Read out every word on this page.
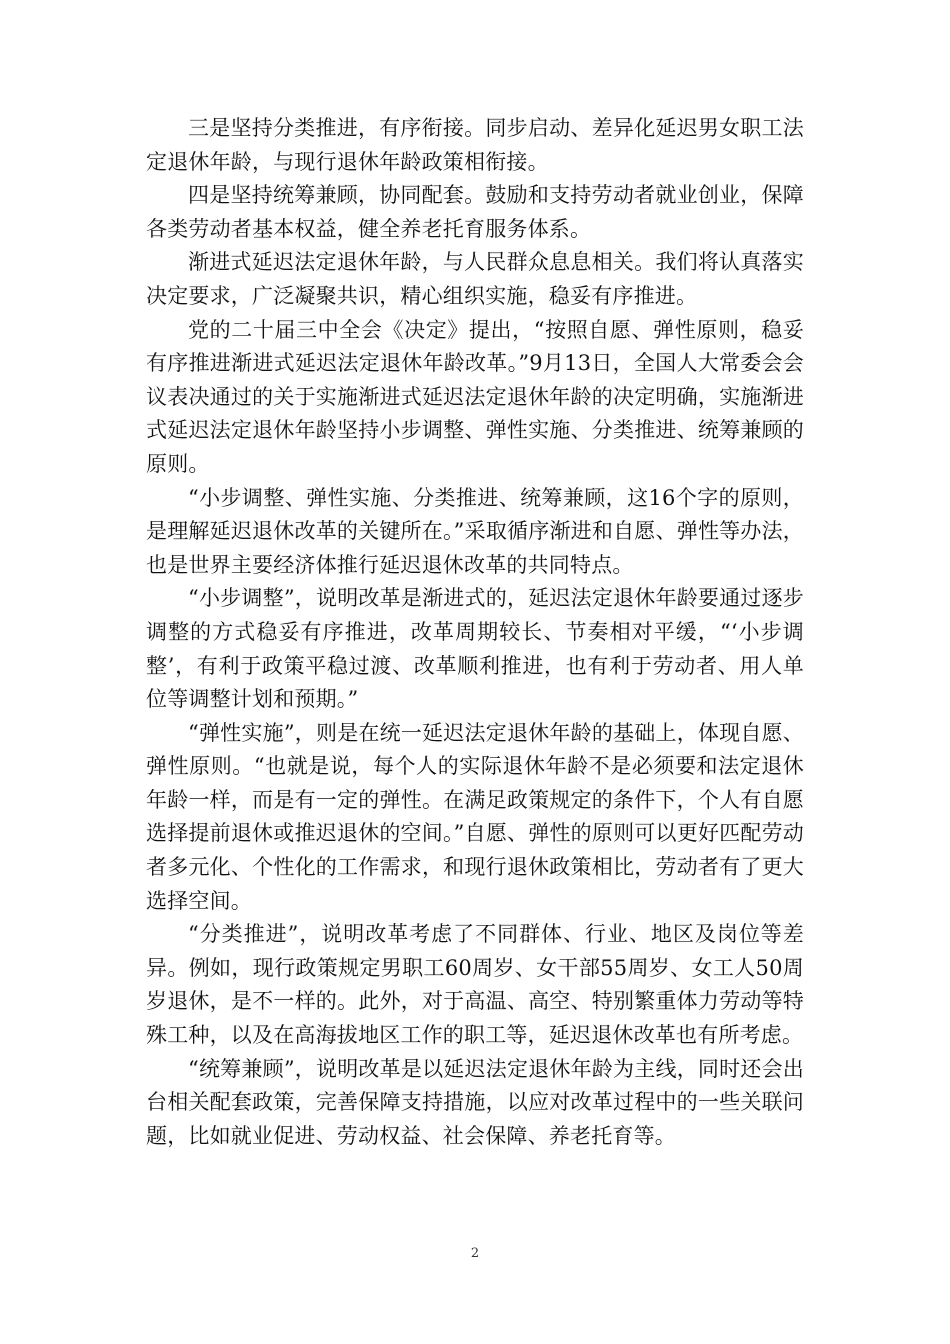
三是坚持分类推进，有序衔接。同步启动、差异化延迟男女职工法定退休年龄，与现行退休年龄政策相衔接。

四是坚持统筹兼顾，协同配套。鼓励和支持劳动者就业创业，保障各类劳动者基本权益，健全养老托育服务体系。

渐进式延迟法定退休年龄，与人民群众息息相关。我们将认真落实决定要求，广泛凝聚共识，精心组织实施，稳妥有序推进。

党的二十届三中全会《决定》提出，“按照自愿、弹性原则，稳妥有序推进渐进式延迟法定退休年龄改革。”9月13日，全国人大常委会会议表决通过的关于实施渐进式延迟法定退休年龄的决定明确，实施渐进式延迟法定退休年龄坚持小步调整、弹性实施、分类推进、统筹兼顾的原则。

“小步调整、弹性实施、分类推进、统筹兼顾，这16个字的原则，是理解延迟退休改革的关键所在。”采取循序渐进和自愿、弹性等办法，也是世界主要经济体推行延迟退休改革的共同特点。

“小步调整”，说明改革是渐进式的，延迟法定退休年龄要通过逐步调整的方式稳妥有序推进，改革周期较长、节奏相对平缓，“‘小步调整’，有利于政策平稳过渡、改革顺利推进，也有利于劳动者、用人单位等调整计划和预期。”

“弹性实施”，则是在统一延迟法定退休年龄的基础上，体现自愿、弹性原则。“也就是说，每个人的实际退休年龄不是必须要和法定退休年龄一样，而是有一定的弹性。在满足政策规定的条件下，个人有自愿选择提前退休或推迟退休的空间。”自愿、弹性的原则可以更好匹配劳动者多元化、个性化的工作需求，和现行退休政策相比，劳动者有了更大选择空间。

“分类推进”，说明改革考虑了不同群体、行业、地区及岗位等差异。例如，现行政策规定男职工60周岁、女干部55周岁、女工人50周岁退休，是不一样的。此外，对于高温、高空、特别繁重体力劳动等特殊工种，以及在高海拔地区工作的职工等，延迟退休改革也有所考虑。

“统筹兼顾”，说明改革是以延迟法定退休年龄为主线，同时还会出台相关配套政策，完善保障支持措施，以应对改革过程中的一些关联问题，比如就业促进、劳动权益、社会保障、养老托育等。

2
